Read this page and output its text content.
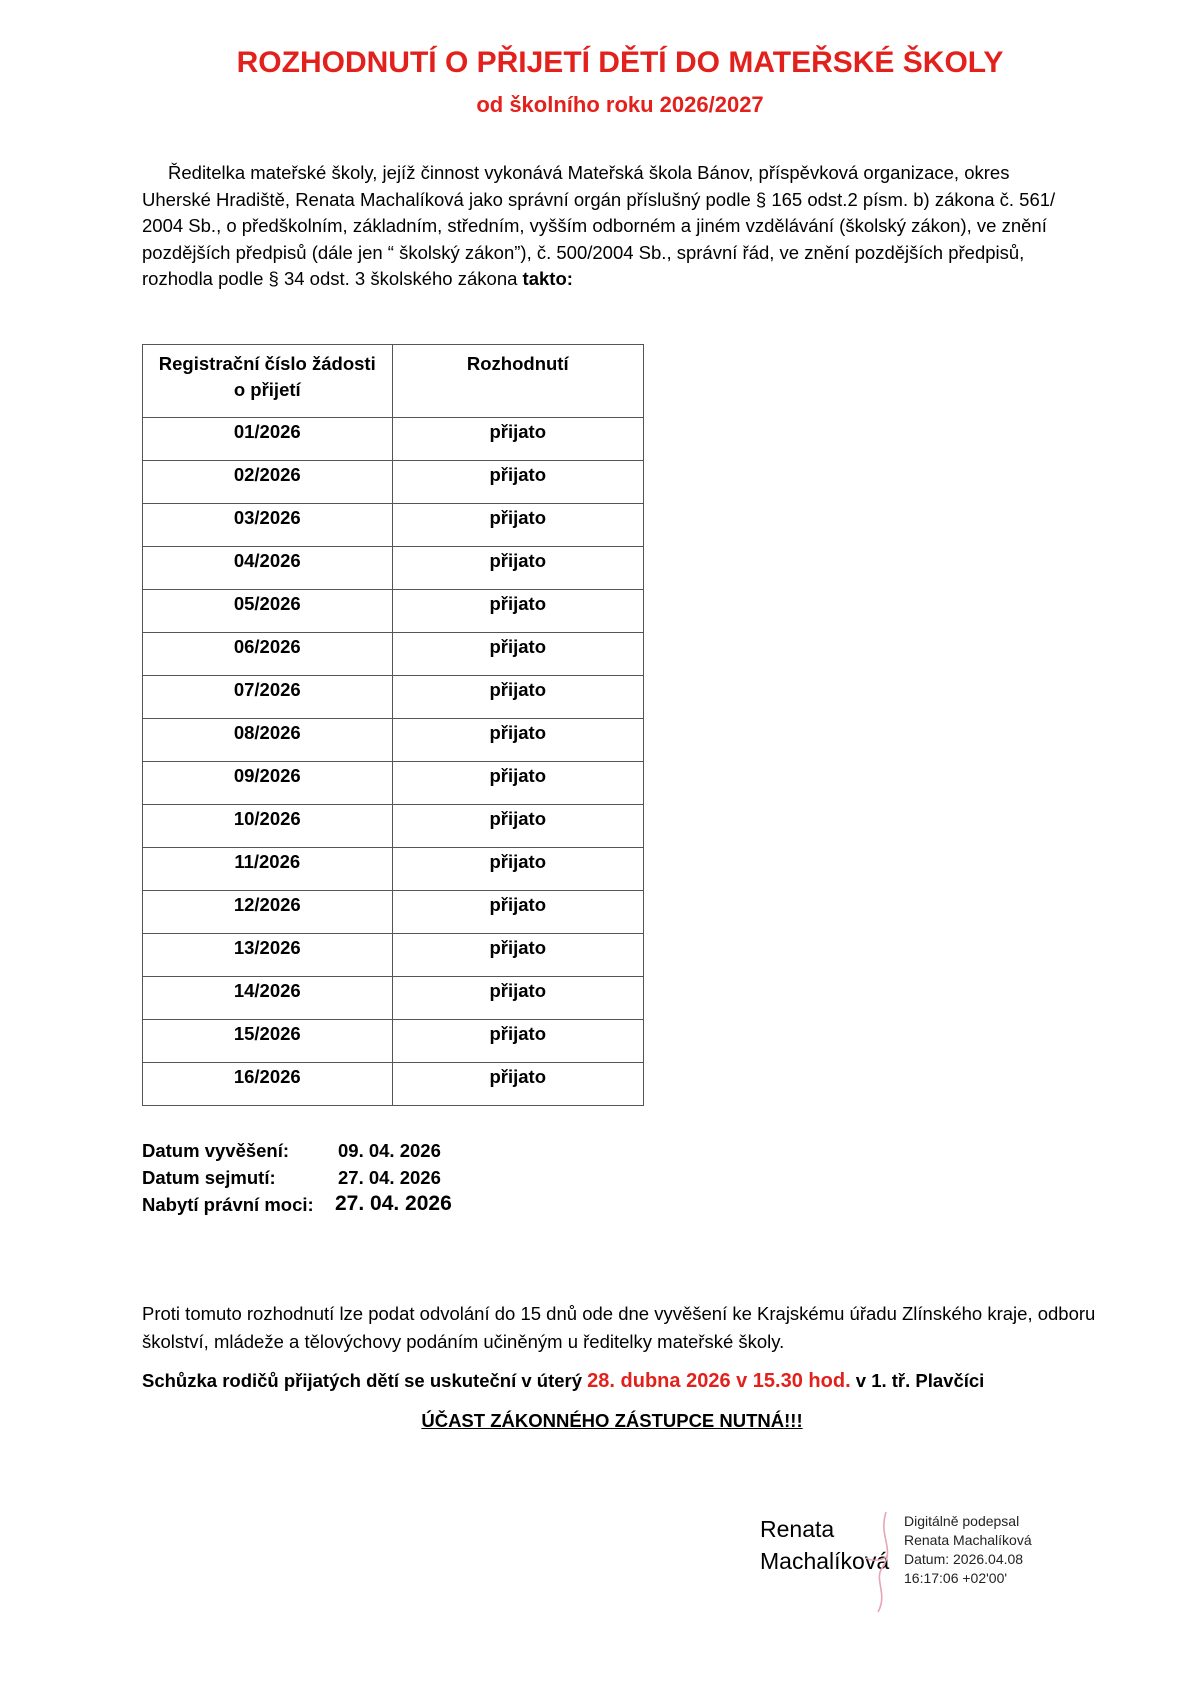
ROZHODNUTÍ O PŘIJETÍ DĚTÍ DO MATEŘSKÉ ŠKOLY
od školního roku 2026/2027
Ředitelka mateřské školy, jejíž činnost vykonává Mateřská škola Bánov, příspěvková organizace, okres Uherské Hradiště, Renata Machalíková jako správní orgán příslušný podle § 165 odst.2 písm. b) zákona č. 561/ 2004 Sb., o předškolním, základním, středním, vyšším odborném a jiném vzdělávání (školský zákon), ve znění pozdějších předpisů (dále jen “ školský zákon”), č. 500/2004 Sb., správní řád, ve znění pozdějších předpisů, rozhodla podle § 34 odst. 3 školského zákona takto:
Registrační číslo žádosti
o přijetí	Rozhodnutí
01/2026	přijato
02/2026	přijato
03/2026	přijato
04/2026	přijato
05/2026	přijato
06/2026	přijato
07/2026	přijato
08/2026	přijato
09/2026	přijato
10/2026	přijato
11/2026	přijato
12/2026	přijato
13/2026	přijato
14/2026	přijato
15/2026	přijato
16/2026	přijato
Datum vyvěšení:	09. 04. 2026
Datum sejmutí:	27. 04. 2026
Nabytí právní moci: 27. 04. 2026
Proti tomuto rozhodnutí lze podat odvolání do 15 dnů ode dne vyvěšení ke Krajskému úřadu Zlínského kraje, odboru školství, mládeže a tělovýchovy podáním učiněným u ředitelky mateřské školy.
Schůzka rodičů přijatých dětí se uskuteční v úterý 28. dubna 2026 v 15.30 hod. v 1. tř. Plavčíci
ÚČAST ZÁKONNÉHO ZÁSTUPCE NUTNÁ!!!
Renata
Machalíková
Digitálně podepsal
Renata Machalíková
Datum: 2026.04.08
16:17:06 +02'00'
